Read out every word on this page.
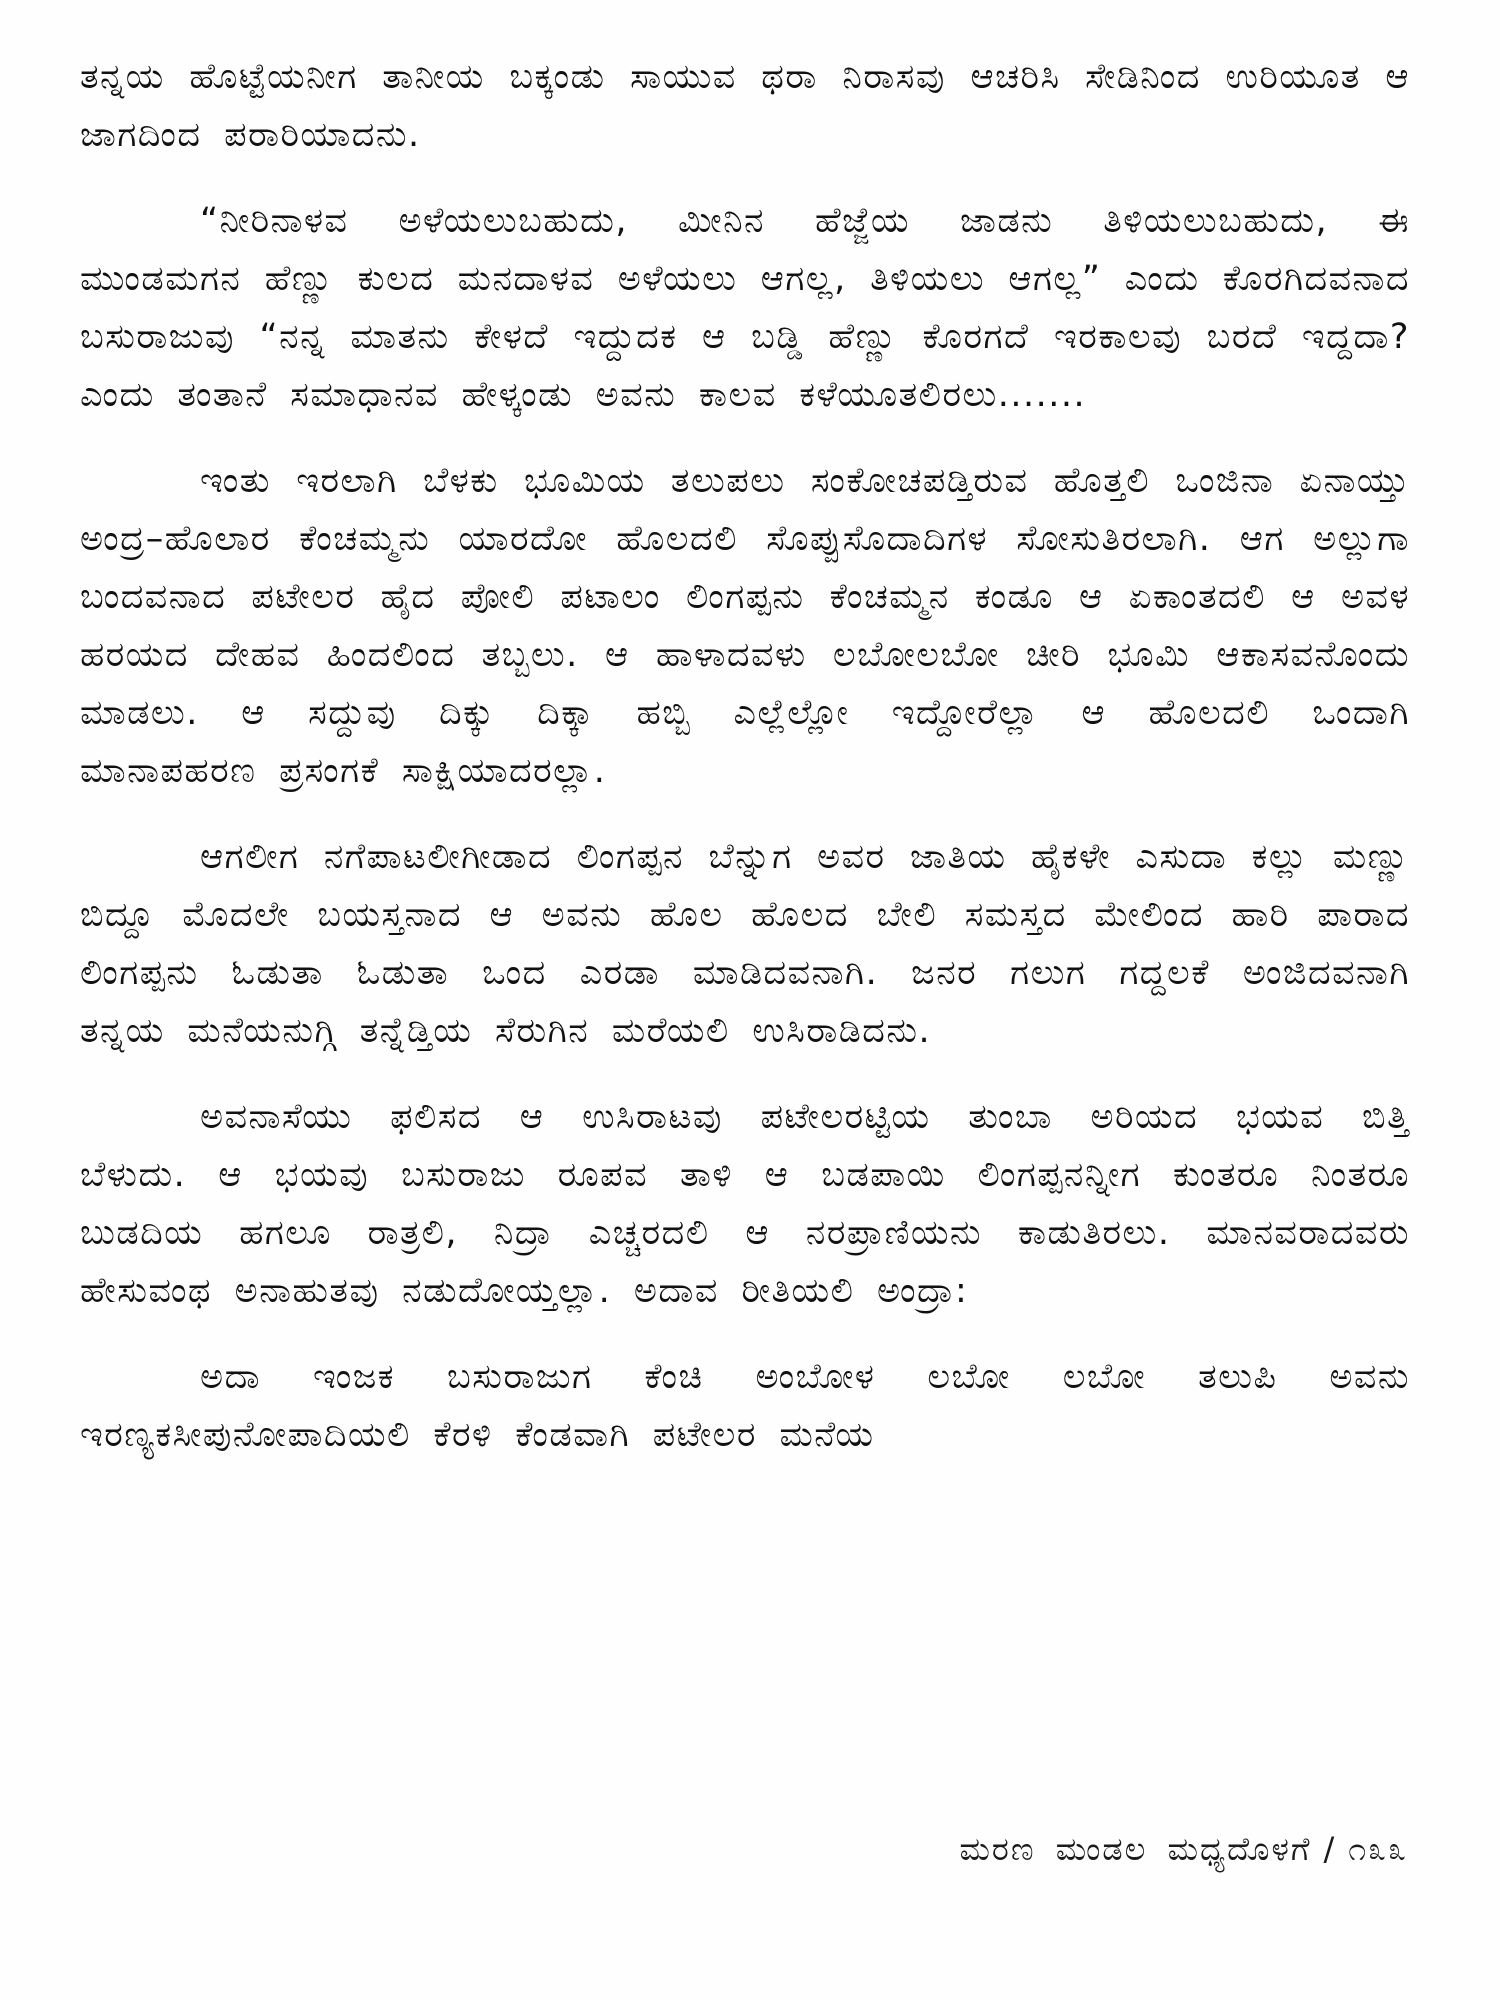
ತನ್ನಯ ಹೊಟ್ಟೆಯನೀಗ ತಾನೀಯ ಬಕ್ಕಂಡು ಸಾಯುವ ಥರಾ ನಿರಾಸವು ಆಚರಿಸಿ ಸೇಡಿನಿಂದ ಉರಿಯೂತ ಆ ಜಾಗದಿಂದ ಪರಾರಿಯಾದನು.

“ನೀರಿನಾಳವ ಅಳೆಯಲುಬಹುದು, ಮೀನಿನ ಹೆಜ್ಜೆಯ ಜಾಡನು ತಿಳಿಯಲುಬಹುದು, ಈ ಮುಂಡಮಗನ ಹೆಣ್ಣು ಕುಲದ ಮನದಾಳವ ಅಳೆಯಲು ಆಗಲ್ಲ, ತಿಳಿಯಲು ಆಗಲ್ಲ” ಎಂದು ಕೊರಗಿದವನಾದ ಬಸುರಾಜುವು “ನನ್ನ ಮಾತನು ಕೇಳದೆ ಇದ್ದುದಕ ಆ ಬಡ್ಡಿ ಹೆಣ್ಣು ಕೊರಗದೆ ಇರಕಾಲವು ಬರದೆ ಇದ್ದದಾ? ಎಂದು ತಂತಾನೆ ಸಮಾಧಾನವ ಹೇಳ್ಕಂಡು ಅವನು ಕಾಲವ ಕಳೆಯೂತಲಿರಲು.......

ಇಂತು ಇರಲಾಗಿ ಬೆಳಕು ಭೂಮಿಯ ತಲುಪಲು ಸಂಕೋಚಪಡ್ತಿರುವ ಹೊತ್ತಲಿ ಒಂಜಿನಾ ಏನಾಯ್ತು ಅಂದ್ರ–ಹೊಲಾರ ಕೆಂಚಮ್ಮನು ಯಾರದೋ ಹೊಲದಲಿ ಸೊಪ್ಪುಸೊದಾದಿಗಳ ಸೋಸುತಿರಲಾಗಿ. ಆಗ ಅಲ್ಲುಗಾ ಬಂದವನಾದ ಪಟೇಲರ ಹೈದ ಪೋಲಿ ಪಟಾಲಂ ಲಿಂಗಪ್ಪನು ಕೆಂಚಮ್ಮನ ಕಂಡೂ ಆ ಏಕಾಂತದಲಿ ಆ ಅವಳ ಹರಯದ ದೇಹವ ಹಿಂದಲಿಂದ ತಬ್ಬಲು. ಆ ಹಾಳಾದವಳು ಲಬೋಲಬೋ ಚೀರಿ ಭೂಮಿ ಆಕಾಸವನೊಂದು ಮಾಡಲು. ಆ ಸದ್ದುವು ದಿಕ್ಕು ದಿಕ್ಕಾ ಹಬ್ಬಿ ಎಲ್ಲೆಲ್ಲೋ ಇದ್ದೋರೆಲ್ಲಾ ಆ ಹೊಲದಲಿ ಒಂದಾಗಿ ಮಾನಾಪಹರಣ ಪ್ರಸಂಗಕೆ ಸಾಕ್ಷಿಯಾದರಲ್ಲಾ.

ಆಗಲೀಗ ನಗೆಪಾಟಲೀಗೀಡಾದ ಲಿಂಗಪ್ಪನ ಬೆನ್ನುಗ ಅವರ ಜಾತಿಯ ಹೈಕಳೇ ಎಸುದಾ ಕಲ್ಲು ಮಣ್ಣು ಬಿದ್ದೂ ಮೊದಲೇ ಬಯಸ್ತನಾದ ಆ ಅವನು ಹೊಲ ಹೊಲದ ಬೇಲಿ ಸಮಸ್ತದ ಮೇಲಿಂದ ಹಾರಿ ಪಾರಾದ ಲಿಂಗಪ್ಪನು ಓಡುತಾ ಓಡುತಾ ಒಂದ ಎರಡಾ ಮಾಡಿದವನಾಗಿ. ಜನರ ಗಲುಗ ಗದ್ದಲಕೆ ಅಂಜಿದವನಾಗಿ ತನ್ನಯ ಮನೆಯನುಗ್ಗಿ ತನ್ನೆಡ್ತಿಯ ಸೆರುಗಿನ ಮರೆಯಲಿ ಉಸಿರಾಡಿದನು.

ಅವನಾಸೆಯು ಫಲಿಸದ ಆ ಉಸಿರಾಟವು ಪಟೇಲರಟ್ಟಿಯ ತುಂಬಾ ಅರಿಯದ ಭಯವ ಬಿತ್ತಿ ಬೆಳುದು. ಆ ಭಯವು ಬಸುರಾಜು ರೂಪವ ತಾಳಿ ಆ ಬಡಪಾಯಿ ಲಿಂಗಪ್ಪನನ್ನೀಗ ಕುಂತರೂ ನಿಂತರೂ ಬುಡದಿಯ ಹಗಲೂ ರಾತ್ರಲಿ, ನಿದ್ರಾ ಎಚ್ಚರದಲಿ ಆ ನರಪ್ರಾಣಿಯನು ಕಾಡುತಿರಲು. ಮಾನವರಾದವರು ಹೇಸುವಂಥ ಅನಾಹುತವು ನಡುದೋಯ್ತಲ್ಲಾ. ಅದಾವ ರೀತಿಯಲಿ ಅಂದ್ರಾ:

ಅದಾ ಇಂಜಕ ಬಸುರಾಜುಗ ಕೆಂಚಿ ಅಂಬೋಳ ಲಬೋ ಲಬೋ ತಲುಪಿ ಅವನು ಇರಣ್ಯಕಸೀಪುನೋಪಾದಿಯಲಿ ಕೆರಳಿ ಕೆಂಡವಾಗಿ ಪಟೇಲರ ಮನೆಯ

ಮರಣ ಮಂಡಲ ಮಧ್ಯದೊಳಗೆ / ೧೩೩
